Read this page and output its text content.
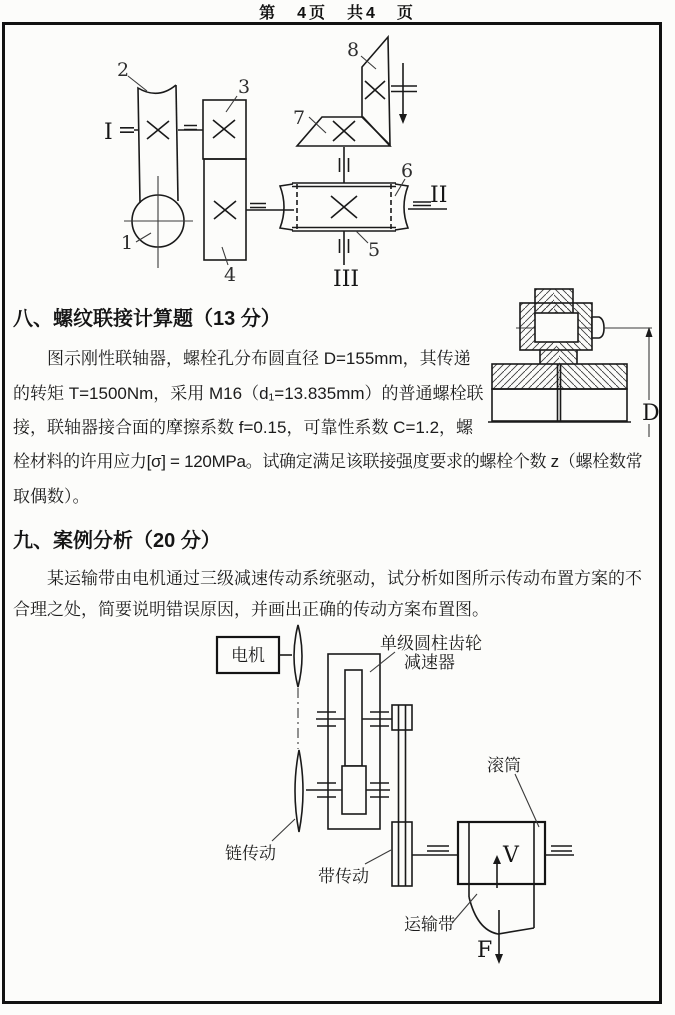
第　4页　共4　页
八、螺纹联接计算题（13 分）
图示刚性联轴器，螺栓孔分布圆直径 D=155mm，其传递
的转矩 T=1500Nm，采用 M16（d₁=13.835mm）的普通螺栓联
接，联轴器接合面的摩擦系数 f=0.15，可靠性系数 C=1.2，螺
栓材料的许用应力[σ] = 120MPa。试确定满足该联接强度要求的螺栓个数 z（螺栓数常
取偶数）。
九、案例分析（20 分）
某运输带由电机通过三级减速传动系统驱动，试分析如图所示传动布置方案的不
合理之处，简要说明错误原因，并画出正确的传动方案布置图。
I
II
III
1
2
3
4
5
6
7
8
D
电机
V
F
单级圆柱齿轮
减速器
链传动
带传动
滚筒
运输带
